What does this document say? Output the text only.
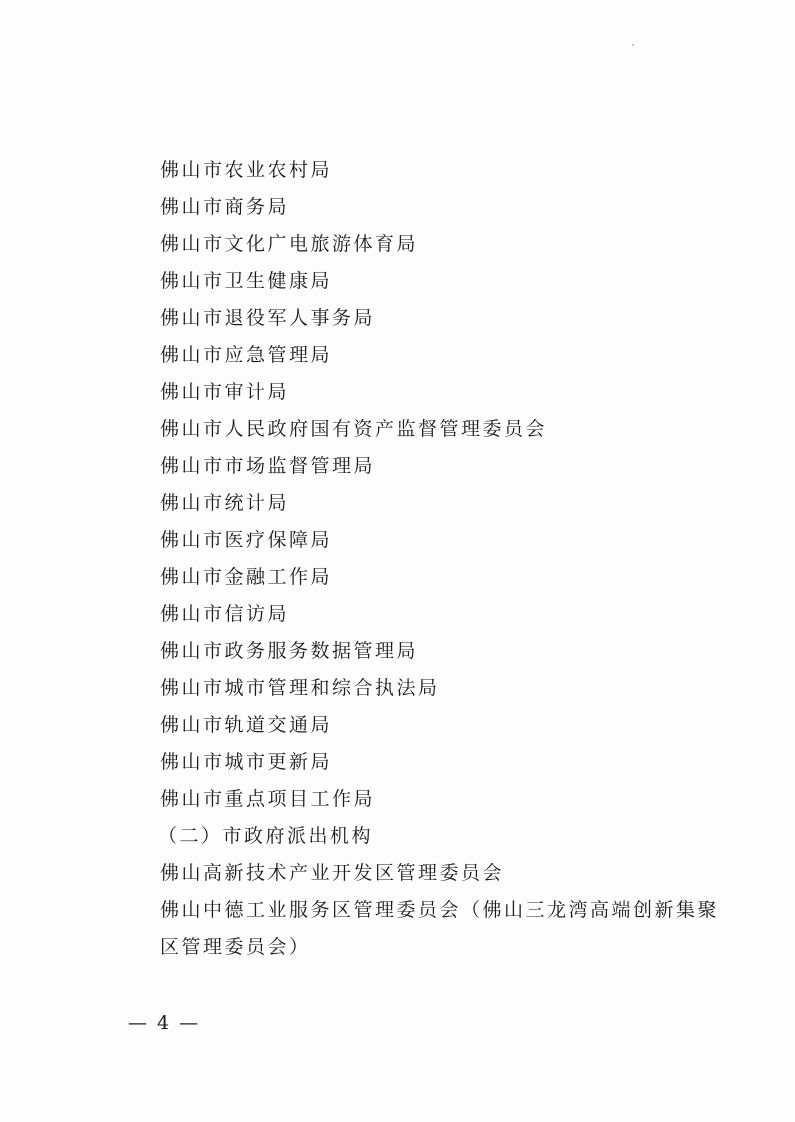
佛山市农业农村局
佛山市商务局
佛山市文化广电旅游体育局
佛山市卫生健康局
佛山市退役军人事务局
佛山市应急管理局
佛山市审计局
佛山市人民政府国有资产监督管理委员会
佛山市市场监督管理局
佛山市统计局
佛山市医疗保障局
佛山市金融工作局
佛山市信访局
佛山市政务服务数据管理局
佛山市城市管理和综合执法局
佛山市轨道交通局
佛山市城市更新局
佛山市重点项目工作局
（二）市政府派出机构
佛山高新技术产业开发区管理委员会
佛山中德工业服务区管理委员会（佛山三龙湾高端创新集聚
区管理委员会）
— 4 —
